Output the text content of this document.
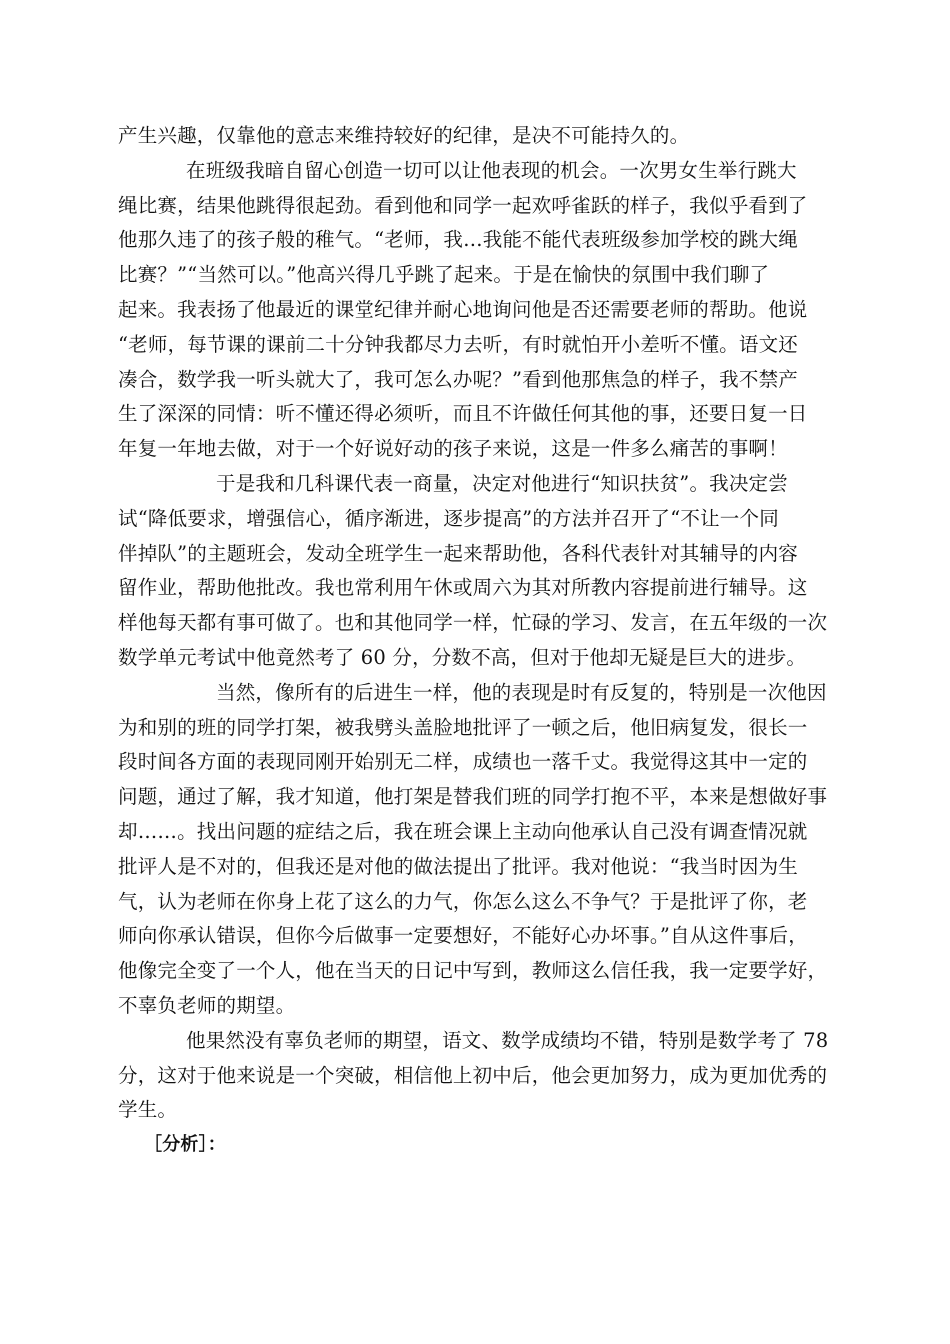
产生兴趣，仅靠他的意志来维持较好的纪律，是决不可能持久的。
在班级我暗自留心创造一切可以让他表现的机会。一次男女生举行跳大
绳比赛，结果他跳得很起劲。看到他和同学一起欢呼雀跃的样子，我似乎看到了
他那久违了的孩子般的稚气。“老师，我…我能不能代表班级参加学校的跳大绳
比赛？”“当然可以。”他高兴得几乎跳了起来。于是在愉快的氛围中我们聊了
起来。我表扬了他最近的课堂纪律并耐心地询问他是否还需要老师的帮助。他说
“老师，每节课的课前二十分钟我都尽力去听，有时就怕开小差听不懂。语文还
凑合，数学我一听头就大了，我可怎么办呢？”看到他那焦急的样子，我不禁产
生了深深的同情：听不懂还得必须听，而且不许做任何其他的事，还要日复一日
年复一年地去做，对于一个好说好动的孩子来说，这是一件多么痛苦的事啊！
于是我和几科课代表一商量，决定对他进行“知识扶贫”。我决定尝
试“降低要求，增强信心，循序渐进，逐步提高”的方法并召开了“不让一个同
伴掉队”的主题班会，发动全班学生一起来帮助他，各科代表针对其辅导的内容
留作业，帮助他批改。我也常利用午休或周六为其对所教内容提前进行辅导。这
样他每天都有事可做了。也和其他同学一样，忙碌的学习、发言，在五年级的一次
数学单元考试中他竟然考了 60 分，分数不高，但对于他却无疑是巨大的进步。
当然，像所有的后进生一样，他的表现是时有反复的，特别是一次他因
为和别的班的同学打架，被我劈头盖脸地批评了一顿之后，他旧病复发，很长一
段时间各方面的表现同刚开始别无二样，成绩也一落千丈。我觉得这其中一定的
问题，通过了解，我才知道，他打架是替我们班的同学打抱不平，本来是想做好事
却……。找出问题的症结之后，我在班会课上主动向他承认自己没有调查情况就
批评人是不对的，但我还是对他的做法提出了批评。我对他说：“我当时因为生
气，认为老师在你身上花了这么的力气，你怎么这么不争气？于是批评了你，老
师向你承认错误，但你今后做事一定要想好，不能好心办坏事。”自从这件事后，
他像完全变了一个人，他在当天的日记中写到，教师这么信任我，我一定要学好，
不辜负老师的期望。
他果然没有辜负老师的期望，语文、数学成绩均不错，特别是数学考了 78
分，这对于他来说是一个突破，相信他上初中后，他会更加努力，成为更加优秀的
学生。
［分析］：
